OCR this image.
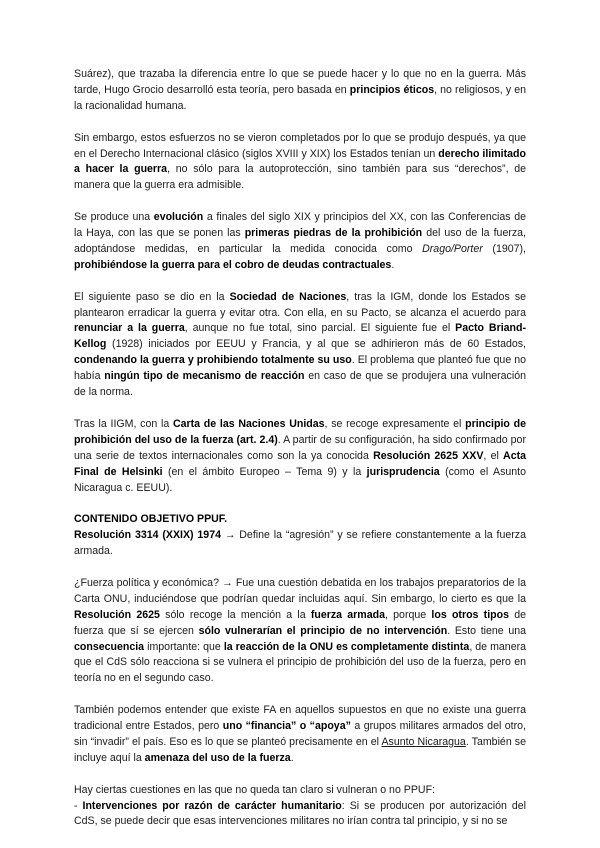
Suárez), que trazaba la diferencia entre lo que se puede hacer y lo que no en la guerra. Más tarde, Hugo Grocio desarrolló esta teoría, pero basada en principios éticos, no religiosos, y en la racionalidad humana.

Sin embargo, estos esfuerzos no se vieron completados por lo que se produjo después, ya que en el Derecho Internacional clásico (siglos XVIII y XIX) los Estados tenían un derecho ilimitado a hacer la guerra, no sólo para la autoprotección, sino también para sus “derechos”, de manera que la guerra era admisible.

Se produce una evolución a finales del siglo XIX y principios del XX, con las Conferencias de la Haya, con las que se ponen las primeras piedras de la prohibición del uso de la fuerza, adoptándose medidas, en particular la medida conocida como Drago/Porter (1907), prohibiéndose la guerra para el cobro de deudas contractuales.

El siguiente paso se dio en la Sociedad de Naciones, tras la IGM, donde los Estados se plantearon erradicar la guerra y evitar otra. Con ella, en su Pacto, se alcanza el acuerdo para renunciar a la guerra, aunque no fue total, sino parcial. El siguiente fue el Pacto Briand-Kellog (1928) iniciados por EEUU y Francia, y al que se adhirieron más de 60 Estados, condenando la guerra y prohibiendo totalmente su uso. El problema que planteó fue que no había ningún tipo de mecanismo de reacción en caso de que se produjera una vulneración de la norma.

Tras la IIGM, con la Carta de las Naciones Unidas, se recoge expresamente el principio de prohibición del uso de la fuerza (art. 2.4). A partir de su configuración, ha sido confirmado por una serie de textos internacionales como son la ya conocida Resolución 2625 XXV, el Acta Final de Helsinki (en el ámbito Europeo – Tema 9) y la jurisprudencia (como el Asunto Nicaragua c. EEUU).

CONTENIDO OBJETIVO PPUF.

Resolución 3314 (XXIX) 1974 → Define la “agresión” y se refiere constantemente a la fuerza armada.

¿Fuerza política y económica? → Fue una cuestión debatida en los trabajos preparatorios de la Carta ONU, induciéndose que podrían quedar incluidas aquí. Sin embargo, lo cierto es que la Resolución 2625 sólo recoge la mención a la fuerza armada, porque los otros tipos de fuerza que sí se ejercen sólo vulnerarían el principio de no intervención. Esto tiene una consecuencia importante: que la reacción de la ONU es completamente distinta, de manera que el CdS sólo reacciona si se vulnera el principio de prohibición del uso de la fuerza, pero en teoría no en el segundo caso.

También podemos entender que existe FA en aquellos supuestos en que no existe una guerra tradicional entre Estados, pero uno “financia” o “apoya” a grupos militares armados del otro, sin “invadir” el país. Eso es lo que se planteó precisamente en el Asunto Nicaragua. También se incluye aquí la amenaza del uso de la fuerza.

Hay ciertas cuestiones en las que no queda tan claro si vulneran o no PPUF:

- Intervenciones por razón de carácter humanitario: Si se producen por autorización del CdS, se puede decir que esas intervenciones militares no irían contra tal principio, y si no se
